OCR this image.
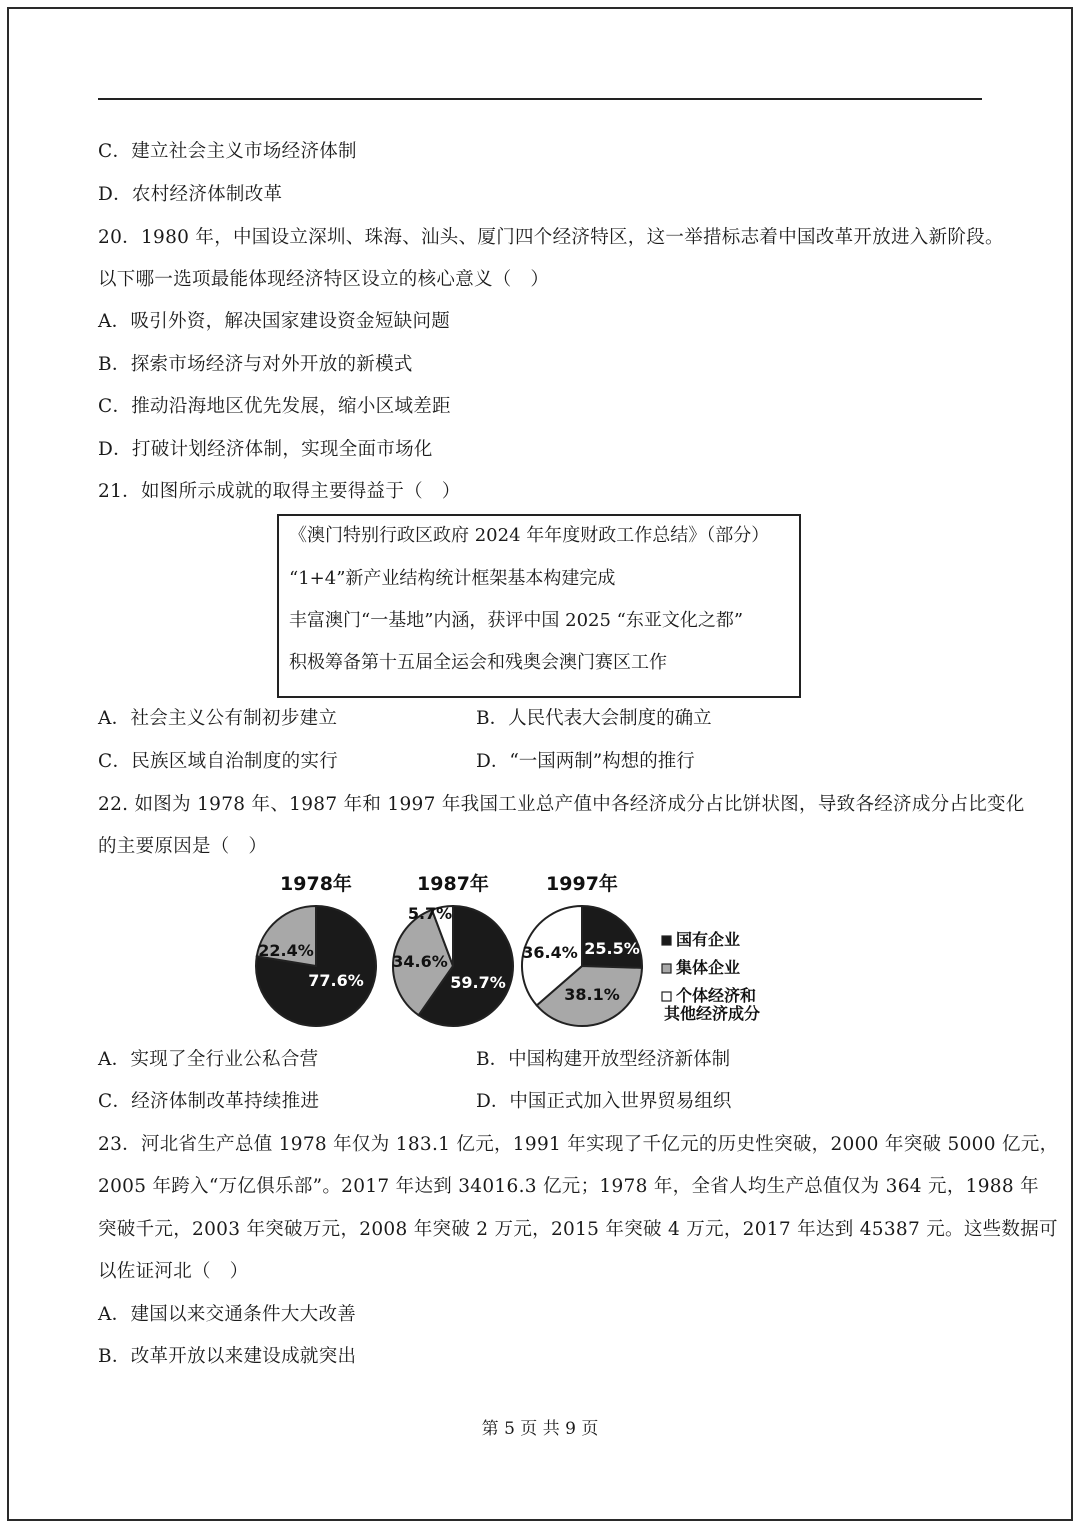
C．建立社会主义市场经济体制
D．农村经济体制改革
20．1980 年，中国设立深圳、珠海、汕头、厦门四个经济特区，这一举措标志着中国改革开放进入新阶段。
以下哪一选项最能体现经济特区设立的核心意义（　）
A．吸引外资，解决国家建设资金短缺问题
B．探索市场经济与对外开放的新模式
C．推动沿海地区优先发展，缩小区域差距
D．打破计划经济体制，实现全面市场化
21．如图所示成就的取得主要得益于（　）
《澳门特别行政区政府 2024 年年度财政工作总结》（部分）
“1+4”新产业结构统计框架基本构建完成
丰富澳门“一基地”内涵，获评中国 2025 “东亚文化之都”
积极筹备第十五届全运会和残奥会澳门赛区工作
A．社会主义公有制初步建立	B．人民代表大会制度的确立
C．民族区域自治制度的实行	D．“一国两制”构想的推行
22. 如图为 1978 年、1987 年和 1997 年我国工业总产值中各经济成分占比饼状图，导致各经济成分占比变化
的主要原因是（　）
1978年
77.6%
22.4%
1987年
59.7%
34.6%
5.7%
1997年
25.5%
38.1%
36.4%
国有企业
集体企业
个体经济和
其他经济成分
A．实现了全行业公私合营	B．中国构建开放型经济新体制
C．经济体制改革持续推进	D．中国正式加入世界贸易组织
23．河北省生产总值 1978 年仅为 183.1 亿元，1991 年实现了千亿元的历史性突破，2000 年突破 5000 亿元，
2005 年跨入“万亿俱乐部”。2017 年达到 34016.3 亿元；1978 年，全省人均生产总值仅为 364 元，1988 年
突破千元，2003 年突破万元，2008 年突破 2 万元，2015 年突破 4 万元，2017 年达到 45387 元。这些数据可
以佐证河北（　）
A．建国以来交通条件大大改善
B．改革开放以来建设成就突出
第 5 页 共 9 页
